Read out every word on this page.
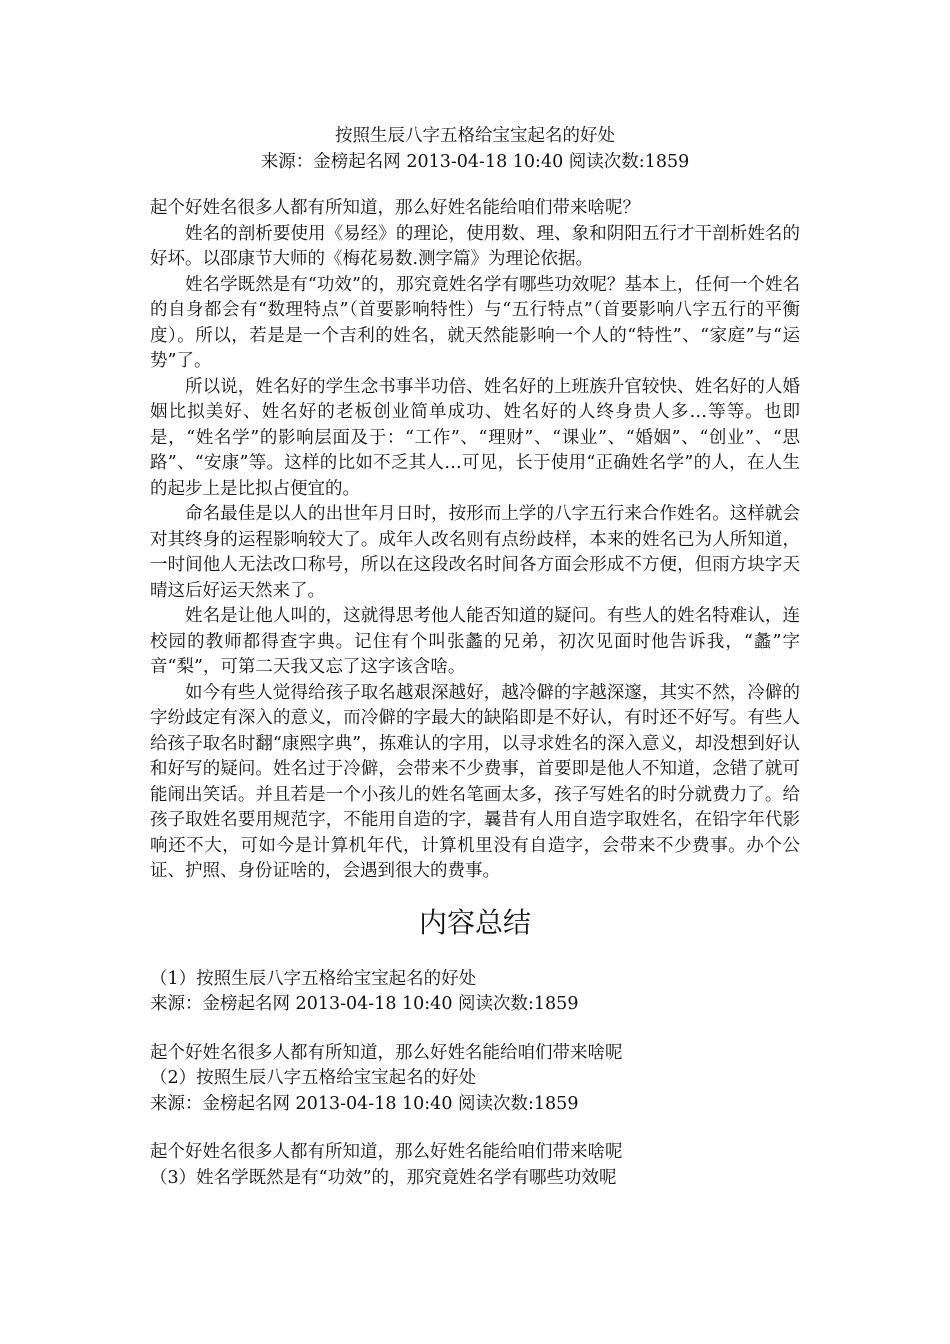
按照生辰八字五格给宝宝起名的好处
来源：金榜起名网 2013-04-18 10:40 阅读次数:1859

起个好姓名很多人都有所知道，那么好姓名能给咱们带来啥呢？

姓名的剖析要使用《易经》的理论，使用数、理、象和阴阳五行才干剖析姓名的好坏。以邵康节大师的《梅花易数.测字篇》为理论依据。

姓名学既然是有“功效”的，那究竟姓名学有哪些功效呢？基本上，任何一个姓名的自身都会有“数理特点”（首要影响特性）与“五行特点”（首要影响八字五行的平衡度）。所以，若是是一个吉利的姓名，就天然能影响一个人的“特性”、“家庭”与“运势”了。

所以说，姓名好的学生念书事半功倍、姓名好的上班族升官较快、姓名好的人婚姻比拟美好、姓名好的老板创业简单成功、姓名好的人终身贵人多…等等。也即是，“姓名学”的影响层面及于：“工作”、“理财”、“课业”、“婚姻”、“创业”、“思路”、“安康”等。这样的比如不乏其人…可见，长于使用“正确姓名学”的人，在人生的起步上是比拟占便宜的。

命名最佳是以人的出世年月日时，按形而上学的八字五行来合作姓名。这样就会对其终身的运程影响较大了。成年人改名则有点纷歧样，本来的姓名已为人所知道，一时间他人无法改口称号，所以在这段改名时间各方面会形成不方便，但雨方块字天晴这后好运天然来了。

姓名是让他人叫的，这就得思考他人能否知道的疑问。有些人的姓名特难认，连校园的教师都得查字典。记住有个叫张蠡的兄弟，初次见面时他告诉我，“蠡”字音“梨”，可第二天我又忘了这字该含啥。

如今有些人觉得给孩子取名越艰深越好，越冷僻的字越深邃，其实不然，冷僻的字纷歧定有深入的意义，而冷僻的字最大的缺陷即是不好认，有时还不好写。有些人给孩子取名时翻“康熙字典”，拣难认的字用，以寻求姓名的深入意义，却没想到好认和好写的疑问。姓名过于冷僻，会带来不少费事，首要即是他人不知道，念错了就可能闹出笑话。并且若是一个小孩儿的姓名笔画太多，孩子写姓名的时分就费力了。给孩子取姓名要用规范字，不能用自造的字，曩昔有人用自造字取姓名，在铅字年代影响还不大，可如今是计算机年代，计算机里没有自造字，会带来不少费事。办个公证、护照、身份证啥的，会遇到很大的费事。

内容总结

（1）按照生辰八字五格给宝宝起名的好处

来源：金榜起名网 2013-04-18 10:40 阅读次数:1859

起个好姓名很多人都有所知道，那么好姓名能给咱们带来啥呢

（2）按照生辰八字五格给宝宝起名的好处

来源：金榜起名网 2013-04-18 10:40 阅读次数:1859

起个好姓名很多人都有所知道，那么好姓名能给咱们带来啥呢

（3）姓名学既然是有“功效”的，那究竟姓名学有哪些功效呢
